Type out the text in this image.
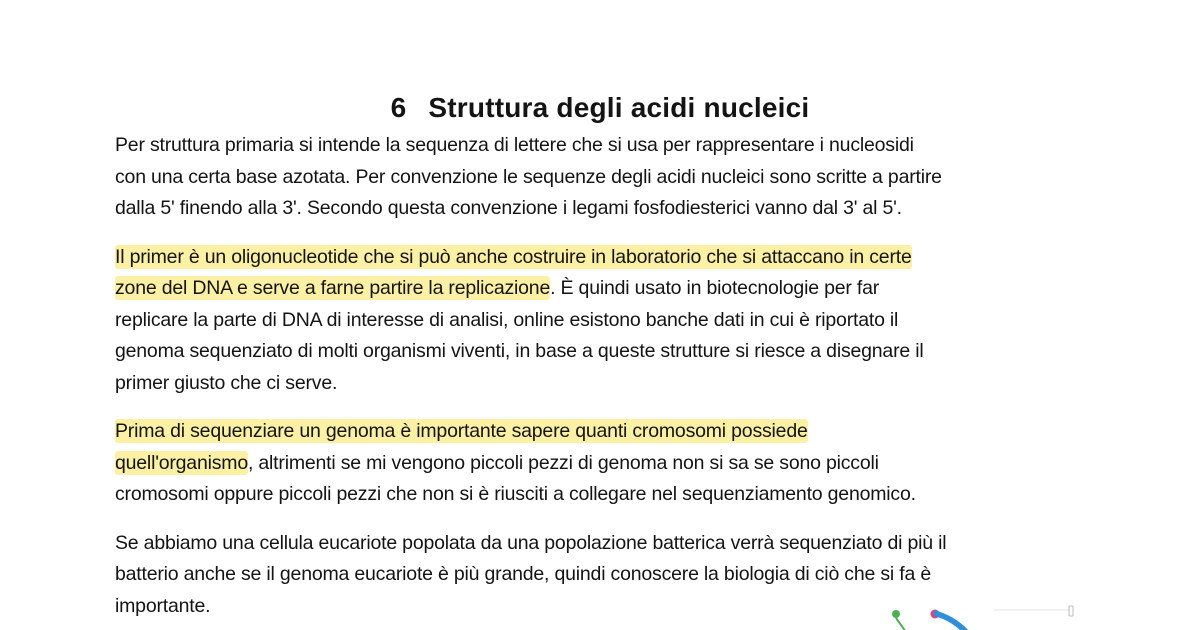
6 Struttura degli acidi nucleici

Per struttura primaria si intende la sequenza di lettere che si usa per rappresentare i nucleosidi
con una certa base azotata. Per convenzione le sequenze degli acidi nucleici sono scritte a partire
dalla 5' finendo alla 3'. Secondo questa convenzione i legami fosfodiesterici vanno dal 3' al 5'.

Il primer è un oligonucleotide che si può anche costruire in laboratorio che si attaccano in certe
zone del DNA e serve a farne partire la replicazione. È quindi usato in biotecnologie per far
replicare la parte di DNA di interesse di analisi, online esistono banche dati in cui è riportato il
genoma sequenziato di molti organismi viventi, in base a queste strutture si riesce a disegnare il
primer giusto che ci serve.

Prima di sequenziare un genoma è importante sapere quanti cromosomi possiede
quell'organismo, altrimenti se mi vengono piccoli pezzi di genoma non si sa se sono piccoli
cromosomi oppure piccoli pezzi che non si è riusciti a collegare nel sequenziamento genomico.

Se abbiamo una cellula eucariote popolata da una popolazione batterica verrà sequenziato di più il
batterio anche se il genoma eucariote è più grande, quindi conoscere la biologia di ciò che si fa è
importante.
